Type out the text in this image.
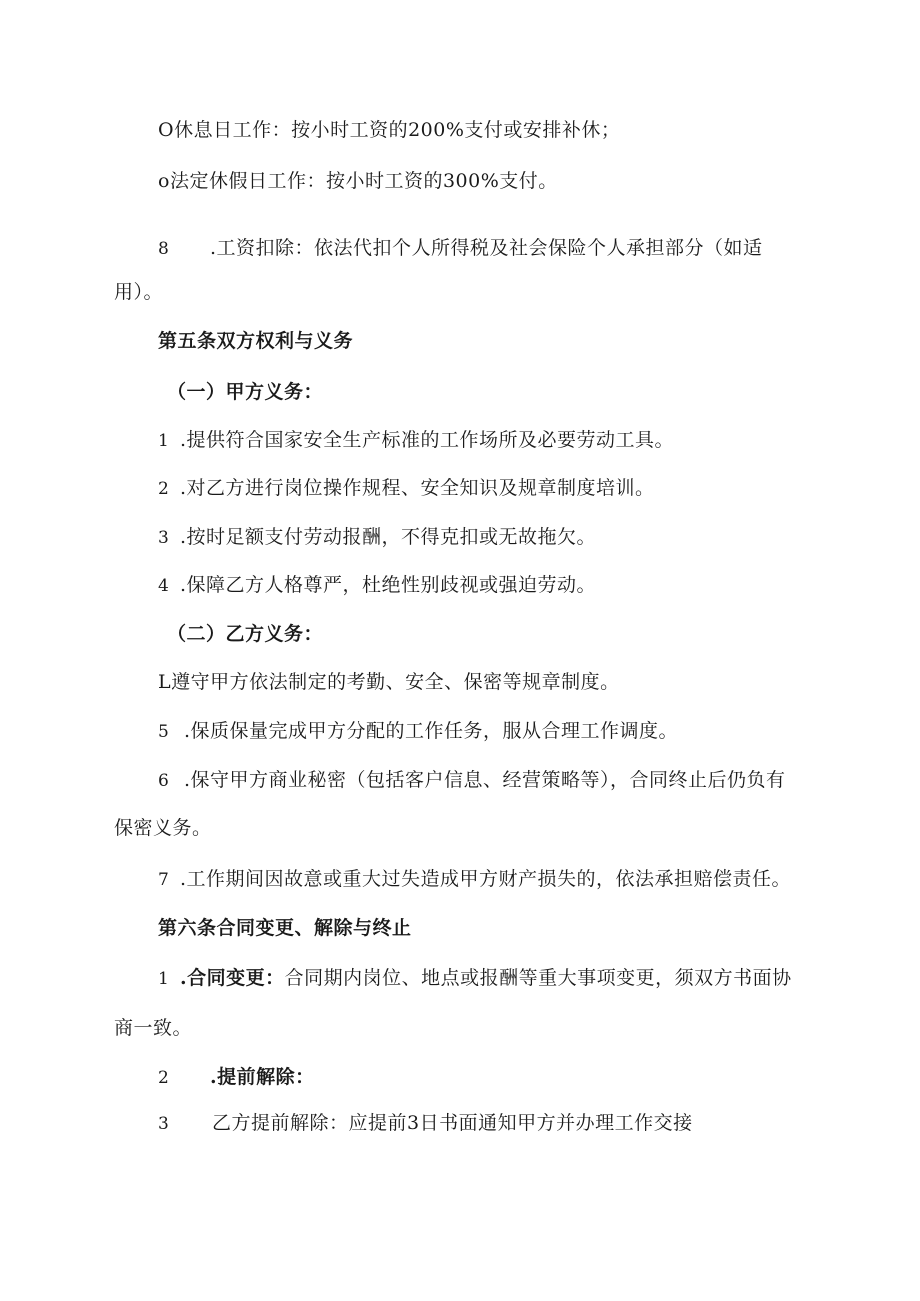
O休息日工作：按小时工资的200%支付或安排补休；
o法定休假日工作：按小时工资的300%支付。
8 .工资扣除：依法代扣个人所得税及社会保险个人承担部分（如适
用）。
第五条双方权利与义务
（一）甲方义务：
1 .提供符合国家安全生产标准的工作场所及必要劳动工具。
2 .对乙方进行岗位操作规程、安全知识及规章制度培训。
3 .按时足额支付劳动报酬，不得克扣或无故拖欠。
4 .保障乙方人格尊严，杜绝性别歧视或强迫劳动。
（二）乙方义务：
L遵守甲方依法制定的考勤、安全、保密等规章制度。
5 .保质保量完成甲方分配的工作任务，服从合理工作调度。
6 .保守甲方商业秘密（包括客户信息、经营策略等），合同终止后仍负有
保密义务。
7 .工作期间因故意或重大过失造成甲方财产损失的，依法承担赔偿责任。
第六条合同变更、解除与终止
1 .合同变更：合同期内岗位、地点或报酬等重大事项变更，须双方书面协
商一致。
2 .提前解除：
3 乙方提前解除：应提前3日书面通知甲方并办理工作交接
